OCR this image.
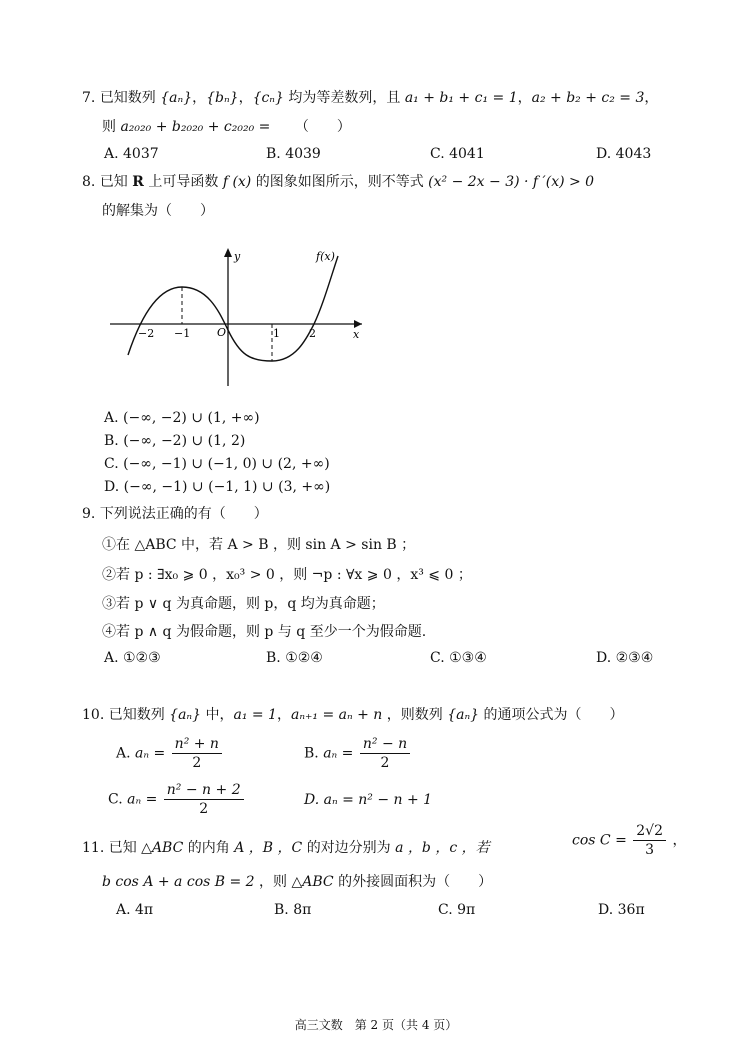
7. 已知数列 {aₙ}，{bₙ}，{cₙ} 均为等差数列，且 a₁ + b₁ + c₁ = 1，a₂ + b₂ + c₂ = 3，
则 a₂₀₂₀ + b₂₀₂₀ + c₂₀₂₀ = （　　）
A. 4037	B. 4039	C. 4041	D. 4043
8. 已知 R 上可导函数 f (x) 的图象如图所示，则不等式 (x² − 2x − 3) · f ′(x) > 0
的解集为（　　）
y
x
f(x)
O
−2 −1	1	2
A. (−∞, −2) ∪ (1, +∞)
B. (−∞, −2) ∪ (1, 2)
C. (−∞, −1) ∪ (−1, 0) ∪ (2, +∞)
D. (−∞, −1) ∪ (−1, 1) ∪ (3, +∞)
9. 下列说法正确的有（　　）
①在 △ABC 中，若 A > B ，则 sin A > sin B ；
②若 p : ∃x₀ ⩾ 0 ，x₀³ > 0 ，则 ¬p : ∀x ⩾ 0 ，x³ ⩽ 0 ；
③若 p ∨ q 为真命题，则 p，q 均为真命题；
④若 p ∧ q 为假命题，则 p 与 q 至少一个为假命题.
A. ①②③	B. ①②④	C. ①③④	D. ②③④
10. 已知数列 {aₙ} 中，a₁ = 1，aₙ₊₁ = aₙ + n ，则数列 {aₙ} 的通项公式为（　　）
A. $a_n = \frac{\text{n² + n}}{2}$	B. $a_n = \frac{\text{n² − n}}{2}$
C. $a_n = \frac{\text{n² − n + 2}}{2}$	D. aₙ = n² − n + 1
11. 已知 △ABC 的内角 A ，B ，C 的对边分别为 a ，b ，c ，若	$\cos C = \frac{2√2}{3}$ ，
b cos A + a cos B = 2 ，则 △ABC 的外接圆面积为（　　）
A. 4π	B. 8π	C. 9π	D. 36π
高三文数　第 2 页（共 4 页）
